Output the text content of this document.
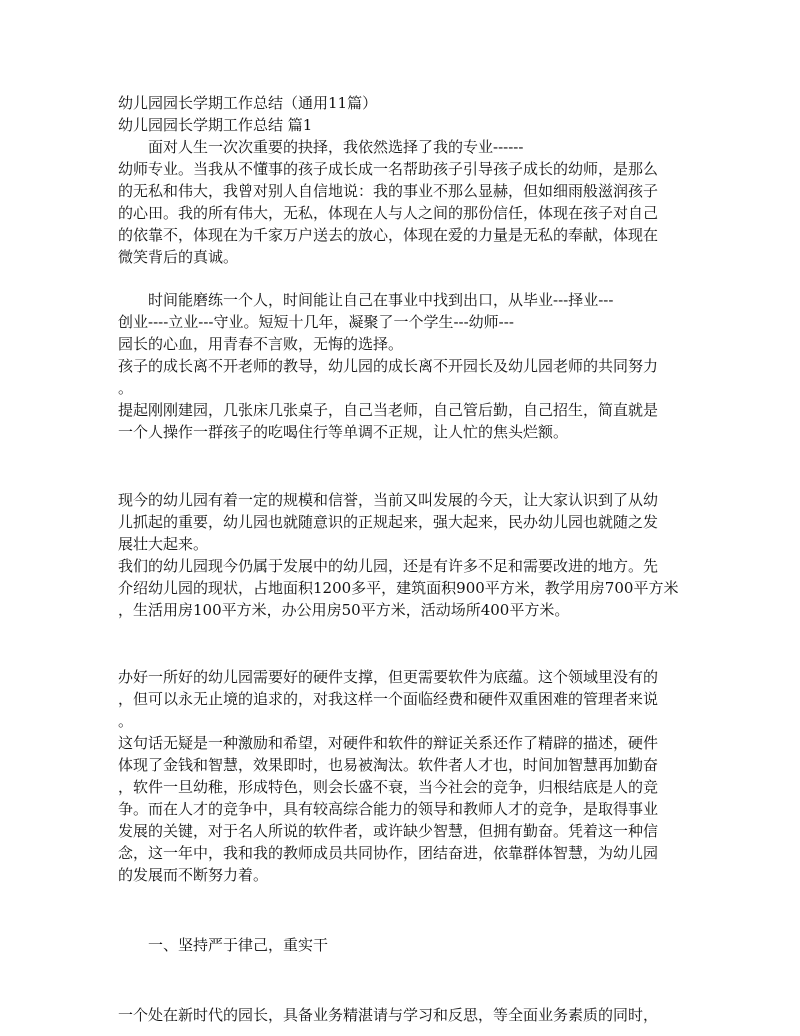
幼儿园园长学期工作总结（通用11篇）
幼儿园园长学期工作总结 篇1
面对人生一次次重要的抉择，我依然选择了我的专业------
幼师专业。当我从不懂事的孩子成长成一名帮助孩子引导孩子成长的幼师，是那么
的无私和伟大，我曾对别人自信地说：我的事业不那么显赫，但如细雨般滋润孩子
的心田。我的所有伟大，无私，体现在人与人之间的那份信任，体现在孩子对自己
的依靠不，体现在为千家万户送去的放心，体现在爱的力量是无私的奉献，体现在
微笑背后的真诚。
时间能磨练一个人，时间能让自己在事业中找到出口，从毕业---择业---
创业----立业---守业。短短十几年，凝聚了一个学生---幼师---
园长的心血，用青春不言败，无悔的选择。
孩子的成长离不开老师的教导，幼儿园的成长离不开园长及幼儿园老师的共同努力
。
提起刚刚建园，几张床几张桌子，自己当老师，自己管后勤，自己招生，简直就是
一个人操作一群孩子的吃喝住行等单调不正规，让人忙的焦头烂额。
现今的幼儿园有着一定的规模和信誉，当前又叫发展的今天，让大家认识到了从幼
儿抓起的重要，幼儿园也就随意识的正规起来，强大起来，民办幼儿园也就随之发
展壮大起来。
我们的幼儿园现今仍属于发展中的幼儿园，还是有许多不足和需要改进的地方。先
介绍幼儿园的现状，占地面积1200多平，建筑面积900平方米，教学用房700平方米
，生活用房100平方米，办公用房50平方米，活动场所400平方米。
办好一所好的幼儿园需要好的硬件支撑，但更需要软件为底蕴。这个领域里没有的
，但可以永无止境的追求的，对我这样一个面临经费和硬件双重困难的管理者来说
。
这句话无疑是一种激励和希望，对硬件和软件的辩证关系还作了精辟的描述，硬件
体现了金钱和智慧，效果即时，也易被淘汰。软件者人才也，时间加智慧再加勤奋
，软件一旦幼稚，形成特色，则会长盛不衰，当今社会的竞争，归根结底是人的竞
争。而在人才的竞争中，具有较高综合能力的领导和教师人才的竞争，是取得事业
发展的关键，对于名人所说的软件者，或许缺少智慧，但拥有勤奋。凭着这一种信
念，这一年中，我和我的教师成员共同协作，团结奋进，依靠群体智慧，为幼儿园
的发展而不断努力着。
一、坚持严于律己，重实干
一个处在新时代的园长，具备业务精湛请与学习和反思，等全面业务素质的同时，
